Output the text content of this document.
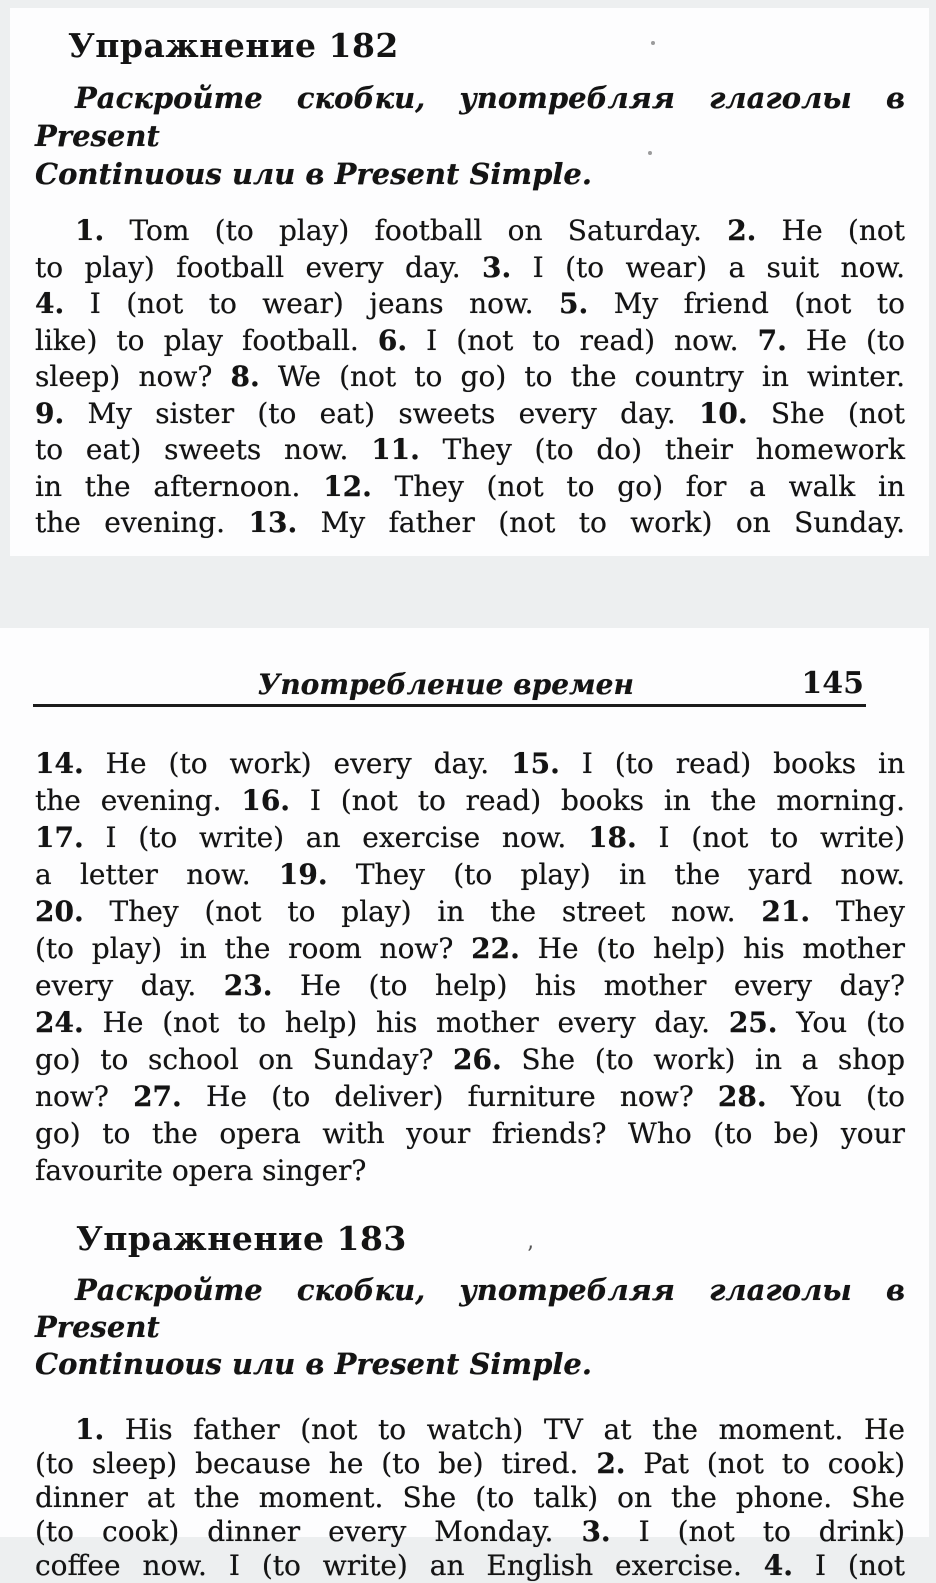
Упражнение 182
Раскройте скобки, употребляя глаголы в Present
Continuous или в Present Simple.
1. Tom (to play) football on Saturday. 2. He (not
to play) football every day. 3. I (to wear) a suit now.
4. I (not to wear) jeans now. 5. My friend (not to
like) to play football. 6. I (not to read) now. 7. He (to
sleep) now? 8. We (not to go) to the country in winter.
9. My sister (to eat) sweets every day. 10. She (not
to eat) sweets now. 11. They (to do) their homework
in the afternoon. 12. They (not to go) for a walk in
the evening. 13. My father (not to work) on Sunday.
Употребление времен	145
14. He (to work) every day. 15. I (to read) books in
the evening. 16. I (not to read) books in the morning.
17. I (to write) an exercise now. 18. I (not to write)
a letter now. 19. They (to play) in the yard now.
20. They (not to play) in the street now. 21. They
(to play) in the room now? 22. He (to help) his mother
every day. 23. He (to help) his mother every day?
24. He (not to help) his mother every day. 25. You (to
go) to school on Sunday? 26. She (to work) in a shop
now? 27. He (to deliver) furniture now? 28. You (to
go) to the opera with your friends? Who (to be) your
favourite opera singer?
Упражнение 183
Раскройте скобки, употребляя глаголы в Present
Continuous или в Present Simple.
1. His father (not to watch) TV at the moment. He
(to sleep) because he (to be) tired. 2. Pat (not to cook)
dinner at the moment. She (to talk) on the phone. She
(to cook) dinner every Monday. 3. I (not to drink)
coffee now. I (to write) an English exercise. 4. I (not
ʼ
